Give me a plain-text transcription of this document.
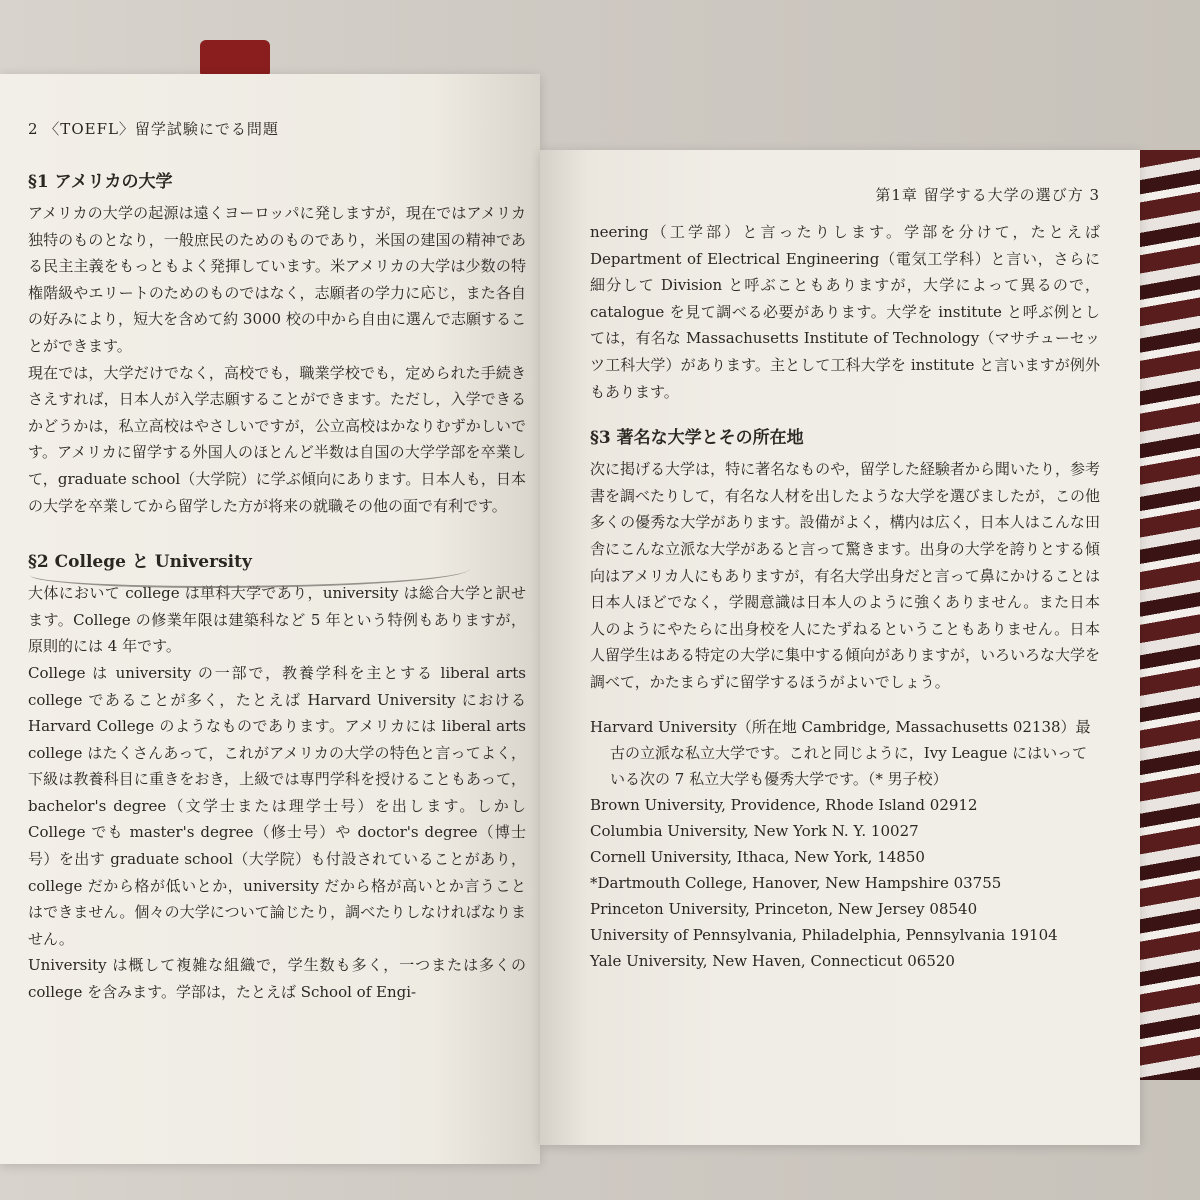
2 〈TOEFL〉留学試験にでる問題
§1 アメリカの大学

アメリカの大学の起源は遠くヨーロッパに発しますが，現在ではアメリカ独特のものとなり，一般庶民のためのものであり，米国の建国の精神である民主主義をもっともよく発揮しています。米アメリカの大学は少数の特権階級やエリートのためのものではなく，志願者の学力に応じ，また各自の好みにより，短大を含めて約 3000 校の中から自由に選んで志願することができます。

現在では，大学だけでなく，高校でも，職業学校でも，定められた手続きさえすれば，日本人が入学志願することができます。ただし，入学できるかどうかは，私立高校はやさしいですが，公立高校はかなりむずかしいです。アメリカに留学する外国人のほとんど半数は自国の大学学部を卒業して，graduate school（大学院）に学ぶ傾向にあります。日本人も，日本の大学を卒業してから留学した方が将来の就職その他の面で有利です。

§2 College と University

大体において college は単科大学であり，university は総合大学と訳せます。College の修業年限は建築科など 5 年という特例もありますが，原則的には 4 年です。

College は university の一部で，教養学科を主とする liberal arts college であることが多く，たとえば Harvard University における Harvard College のようなものであります。アメリカには liberal arts college はたくさんあって，これがアメリカの大学の特色と言ってよく，下級は教養科目に重きをおき，上級では専門学科を授けることもあって，bachelor's degree（文学士または理学士号）を出します。しかし College でも master's degree（修士号）や doctor's degree（博士号）を出す graduate school（大学院）も付設されていることがあり，college だから格が低いとか，university だから格が高いとか言うことはできません。個々の大学について論じたり，調べたりしなければなりません。

University は概して複雑な組織で，学生数も多く，一つまたは多くの college を含みます。学部は，たとえば School of Engi-

第1章 留学する大学の選び方 3
neering（工学部）と言ったりします。学部を分けて，たとえば Department of Electrical Engineering（電気工学科）と言い，さらに細分して Division と呼ぶこともありますが，大学によって異るので，catalogue を見て調べる必要があります。大学を institute と呼ぶ例としては，有名な Massachusetts Institute of Technology（マサチューセッツ工科大学）があります。主として工科大学を institute と言いますが例外もあります。
§3 著名な大学とその所在地
次に掲げる大学は，特に著名なものや，留学した経験者から聞いたり，参考書を調べたりして，有名な人材を出したような大学を選びましたが，この他多くの優秀な大学があります。設備がよく，構内は広く，日本人はこんな田舎にこんな立派な大学があると言って驚きます。出身の大学を誇りとする傾向はアメリカ人にもありますが，有名大学出身だと言って鼻にかけることは日本人ほどでなく，学閥意識は日本人のように強くありません。また日本人のようにやたらに出身校を人にたずねるということもありません。日本人留学生はある特定の大学に集中する傾向がありますが，いろいろな大学を調べて，かたまらずに留学するほうがよいでしょう。

Harvard University（所在地 Cambridge, Massachusetts 02138）最古の立派な私立大学です。これと同じように，Ivy League にはいっている次の 7 私立大学も優秀大学です。（* 男子校）

Brown University, Providence, Rhode Island 02912

Columbia University, New York N. Y. 10027

Cornell University, Ithaca, New York, 14850

*Dartmouth College, Hanover, New Hampshire 03755

Princeton University, Princeton, New Jersey 08540

University of Pennsylvania, Philadelphia, Pennsylvania 19104

Yale University, New Haven, Connecticut 06520
